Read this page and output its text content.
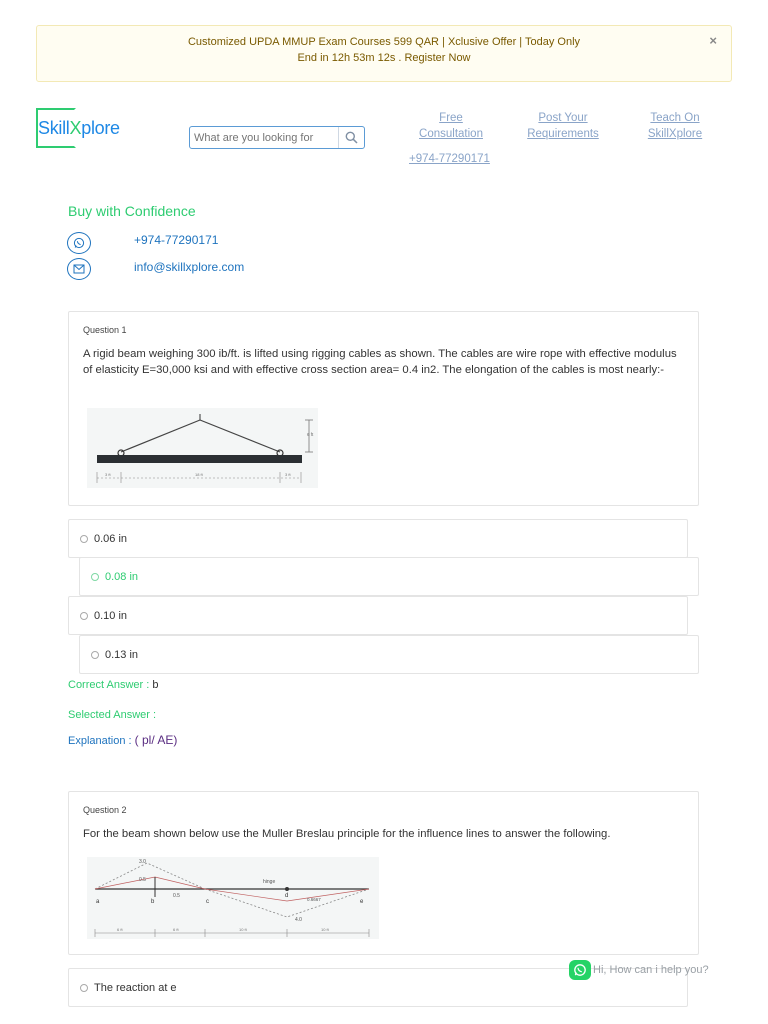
Customized UPDA MMUP Exam Courses 599 QAR | Xclusive Offer | Today Only
End in 12h 53m 12s . Register Now
×
SkillXplore
What are you looking for	Free
Consultation
Post Your
Requirements
Teach On
SkillXplore
+974-77290171
Buy with Confidence
+974-77290171
info@skillxplore.com
Question 1
A rigid beam weighing 300 ib/ft. is lifted using rigging cables as shown. The cables are wire rope with effective modulus of elasticity E=30,000 ksi and with effective cross section area= 0.4 in2. The elongation of the cables is most nearly:-
6 ft
3 ft	18 ft	3 ft
0.06 in
0.08 in
0.10 in
0.13 in
Correct Answer : b
Selected Answer :
Explanation : ( pl/ AE)
Question 2
For the beam shown below use the Muller Breslau principle for the influence lines to answer the following.
3.0
0.5
0.5
hinge
0.6667
4.0
a	b	c
d
e
6 ft	6 ft	10 ft	10 ft
The reaction at e
Hi, How can i help you?
